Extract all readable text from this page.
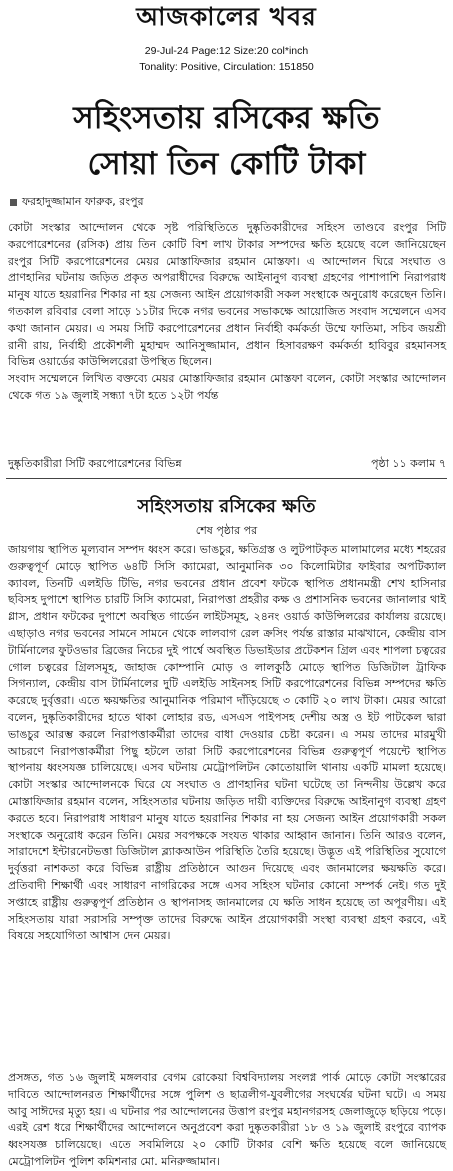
আজকালের খবর
29-Jul-24 Page:12 Size:20 col*inch
Tonality: Positive, Circulation: 151850
সহিংসতায় রসিকের ক্ষতি
সোয়া তিন কোটি টাকা
ফরহাদুজ্জামান ফারুক, রংপুর
কোটা সংস্কার আন্দোলন থেকে সৃষ্ট পরিস্থিতিতে দুষ্কৃতিকারীদের সহিংস তাণ্ডবে রংপুর সিটি করপোরেশনের (রসিক) প্রায় তিন কোটি বিশ লাখ টাকার সম্পদের ক্ষতি হয়েছে বলে জানিয়েছেন রংপুর সিটি করপোরেশনের মেয়র মোস্তাফিজার রহমান মোস্তফা। এ আন্দোলন ঘিরে সংঘাত ও প্রাণহানির ঘটনায় জড়িত প্রকৃত অপরাধীদের বিরুদ্ধে আইনানুগ ব্যবস্থা গ্রহণের পাশাপাশি নিরাপরাধ মানুষ যাতে হয়রানির শিকার না হয় সেজন্য আইন প্রয়োগকারী সকল সংস্থাকে অনুরোধ করেছেন তিনি। গতকাল রবিবার বেলা সাড়ে ১১টার দিকে নগর ভবনের সভাকক্ষে আয়োজিত সংবাদ সম্মেলনে এসব কথা জানান মেয়র। এ সময় সিটি করপোরেশনের প্রধান নির্বাহী কর্মকর্তা উম্মে ফাতিমা, সচিব জয়শ্রী রানী রায়, নির্বাহী প্রকৌশলী মুহাম্মদ আনিসুজ্জামান, প্রধান হিসাবরক্ষণ কর্মকর্তা হাবিবুর রহমানসহ বিভিন্ন ওয়ার্ডের কাউন্সিলরেরা উপস্থিত ছিলেন।
সংবাদ সম্মেলনে লিখিত বক্তব্যে মেয়র মোস্তাফিজার রহমান মোস্তফা বলেন, কোটা সংস্কার আন্দোলন থেকে গত ১৯ জুলাই সন্ধ্যা ৭টা হতে ১২টা পর্যন্ত
দুষ্কৃতিকারীরা সিটি করপোরেশনের বিভিন্ন	পৃষ্ঠা ১১ কলাম ৭
সহিংসতায় রসিকের ক্ষতি
শেষ পৃষ্ঠার পর
জায়গায় স্থাপিত মূল্যবান সম্পদ ধ্বংস করে। ভাঙচুর, ক্ষতিগ্রস্ত ও লুটপাটকৃত মালামালের মধ্যে শহরের গুরুত্বপূর্ণ মোড়ে স্থাপিত ৬৪টি সিসি ক্যামেরা, আনুমানিক ৩০ কিলোমিটার ফাইবার অপটিক্যাল ক্যাবল, তিনটি এলইডি টিভি, নগর ভবনের প্রধান প্রবেশ ফটকে স্থাপিত প্রধানমন্ত্রী শেখ হাসিনার ছবিসহ দুপাশে স্থাপিত চারটি সিসি ক্যামেরা, নিরাপত্তা প্রহরীর কক্ষ ও প্রশাসনিক ভবনের জানালার থাই গ্লাস, প্রধান ফটকের দুপাশে অবস্থিত গার্ডেন লাইটসমূহ, ২৪নং ওয়ার্ড কাউন্সিলরের কার্যালয় রয়েছে। এছাড়াও নগর ভবনের সামনে সামনে থেকে লালবাগ রেল ক্রসিং পর্যন্ত রাস্তার মাঝখানে, কেন্দ্রীয় বাস টার্মিনালের ফুটওভার ব্রিজের নিচের দুই পার্শ্বে অবস্থিত ডিভাইডার প্রটেকশন গ্রিল এবং শাপলা চত্বরের গোল চত্বরের গ্রিলসমূহ, জাহাজ কোম্পানি মোড় ও লালকুঠি মোড়ে স্থাপিত ডিজিটাল ট্রাফিক সিগন্যাল, কেন্দ্রীয় বাস টার্মিনালের দুটি এলইডি সাইনসহ সিটি করপোরেশনের বিভিন্ন সম্পদের ক্ষতি করেছে দুর্বৃত্তরা। এতে ক্ষয়ক্ষতির আনুমানিক পরিমাণ দাঁড়িয়েছে ৩ কোটি ২০ লাখ টাকা। মেয়র আরো বলেন, দুষ্কৃতিকারীদের হাতে থাকা লোহার রড, এসএস পাইপসহ দেশীয় অস্ত্র ও ইট পাটকেল দ্বারা ভাঙচুর আরম্ভ করলে নিরাপত্তাকর্মীরা তাদের বাধা দেওয়ার চেষ্টা করেন। এ সময় তাদের মারমুখী আচরণে নিরাপত্তাকর্মীরা পিছু হটলে তারা সিটি করপোরেশনের বিভিন্ন গুরুত্বপূর্ণ পয়েন্টে স্থাপিত স্থাপনায় ধ্বংসযজ্ঞ চালিয়েছে। এসব ঘটনায় মেট্রোপলিটন কোতোয়ালি থানায় একটি মামলা হয়েছে। কোটা সংস্কার আন্দোলনকে ঘিরে যে সংঘাত ও প্রাণহানির ঘটনা ঘটেছে তা নিন্দনীয় উল্লেখ করে মোস্তাফিজার রহমান বলেন, সহিংসতার ঘটনায় জড়িত দায়ী ব্যক্তিদের বিরুদ্ধে আইনানুগ ব্যবস্থা গ্রহণ করতে হবে। নিরাপরাধ সাধারণ মানুষ যাতে হয়রানির শিকার না হয় সেজন্য আইন প্রয়োগকারী সকল সংস্থাকে অনুরোধ করেন তিনি। মেয়র সবপক্ষকে সংযত থাকার আহ্বান জানান। তিনি আরও বলেন, সারাদেশে ইন্টারনেটভত্তা ডিজিটাল ব্ল্যাকআউন পরিস্থিতি তৈরি হয়েছে। উদ্ভূত এই পরিস্থিতির সুযোগে দুর্বৃত্তরা নাশকতা করে বিভিন্ন রাষ্ট্রীয় প্রতিষ্ঠানে আগুন দিয়েছে এবং জানমালের ক্ষয়ক্ষতি করে। প্রতিবাদী শিক্ষার্থী এবং সাধারণ নাগরিকের সঙ্গে এসব সহিংস ঘটনার কোনো সম্পর্ক নেই। গত দুই সপ্তাহে রাষ্ট্রীয় গুরুত্বপূর্ণ প্রতিষ্ঠান ও স্থাপনাসহ জানমালের যে ক্ষতি সাধন হয়েছে তা অপূরণীয়। এই সহিংসতায় যারা সরাসরি সম্পৃক্ত তাদের বিরুদ্ধে আইন প্রয়োগকারী সংস্থা ব্যবস্থা গ্রহণ করবে, এই বিষয়ে সহযোগিতা আশ্বাস দেন মেয়র।
প্রসঙ্গত, গত ১৬ জুলাই মঙ্গলবার বেগম রোকেয়া বিশ্ববিদ্যালয় সংলগ্ন পার্ক মোড়ে কোটা সংস্কারের দাবিতে আন্দোলনরত শিক্ষার্থীদের সঙ্গে পুলিশ ও ছাত্রলীগ-যুবলীগের সংঘর্ষের ঘটনা ঘটে। এ সময় আবু সাঈদের মৃত্যু হয়। এ ঘটনার পর আন্দোলনের উত্তাপ রংপুর মহানগরসহ জেলাজুড়ে ছড়িয়ে পড়ে। এরই রেশ ধরে শিক্ষার্থীদের আন্দোলনে অনুপ্রবেশ করা দুষ্কৃতকারীরা ১৮ ও ১৯ জুলাই রংপুরে ব্যাপক ধ্বংসযজ্ঞ চালিয়েছে। এতে সবমিলিয়ে ২০ কোটি টাকার বেশি ক্ষতি হয়েছে বলে জানিয়েছে মেট্রোপলিটন পুলিশ কমিশনার মো. মনিরুজ্জামান।
